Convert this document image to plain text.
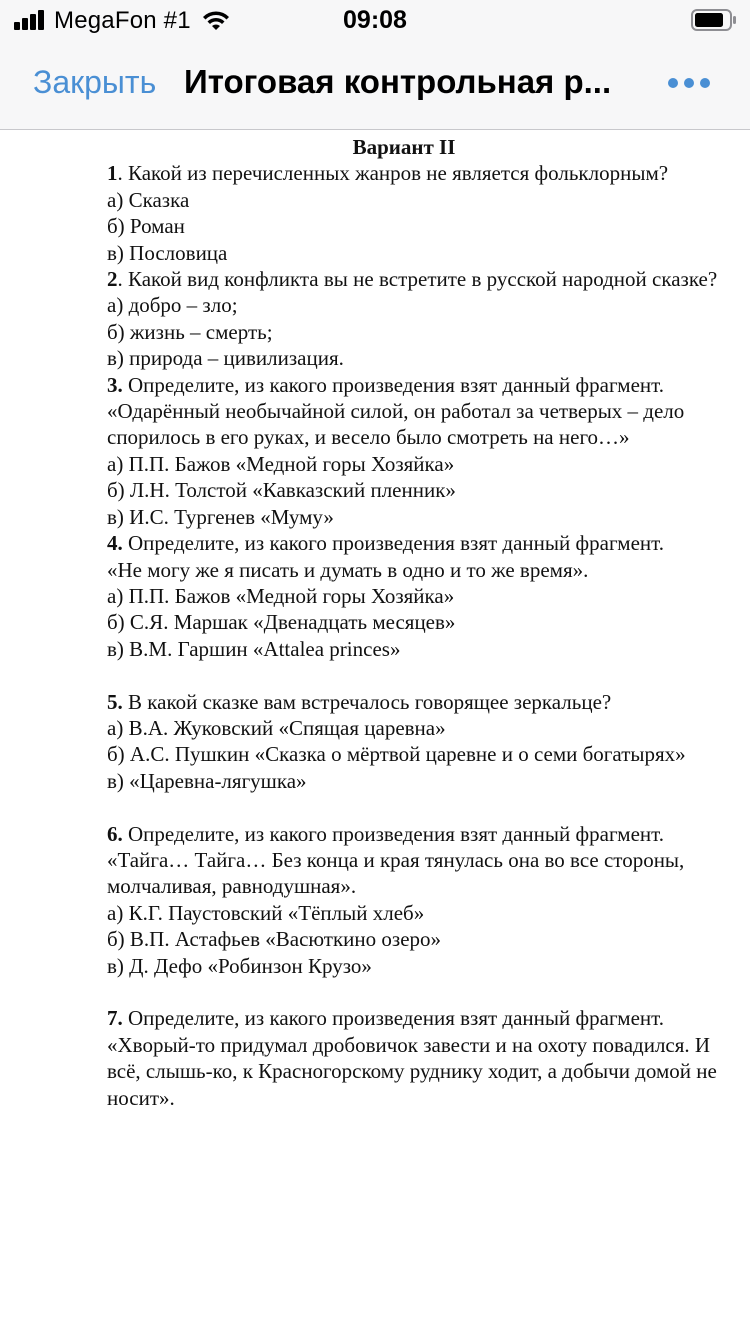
MegaFon #1	09:08
Закрыть Итоговая контрольная р...
Вариант II

1. Какой из перечисленных жанров не является фольклорным?

а) Сказка

б) Роман

в) Пословица

2. Какой вид конфликта вы не встретите в русской народной сказке?

а) добро – зло;

б) жизнь – смерть;

в) природа – цивилизация.

3. Определите, из какого произведения взят данный фрагмент.

«Одарённый необычайной силой, он работал за четверых – дело спорилось в его руках, и весело было смотреть на него…»

а) П.П. Бажов «Медной горы Хозяйка»

б) Л.Н. Толстой «Кавказский пленник»

в) И.С. Тургенев «Муму»

4. Определите, из какого произведения взят данный фрагмент.

«Не могу же я писать и думать в одно и то же время».

а) П.П. Бажов «Медной горы Хозяйка»

б) С.Я. Маршак «Двенадцать месяцев»

в) В.М. Гаршин «Attalea princes»

5. В какой сказке вам встречалось говорящее зеркальце?

а) В.А. Жуковский «Спящая царевна»

б) А.С. Пушкин «Сказка о мёртвой царевне и о семи богатырях»

в) «Царевна-лягушка»

6. Определите, из какого произведения взят данный фрагмент.

«Тайга… Тайга… Без конца и края тянулась она во все стороны, молчаливая, равнодушная».

а) К.Г. Паустовский «Тёплый хлеб»

б) В.П. Астафьев «Васюткино озеро»

в) Д. Дефо «Робинзон Крузо»

7. Определите, из какого произведения взят данный фрагмент.

«Хворый-то придумал дробовичок завести и на охоту повадился. И всё, слышь-ко, к Красногорскому руднику ходит, а добычи домой не носит».
